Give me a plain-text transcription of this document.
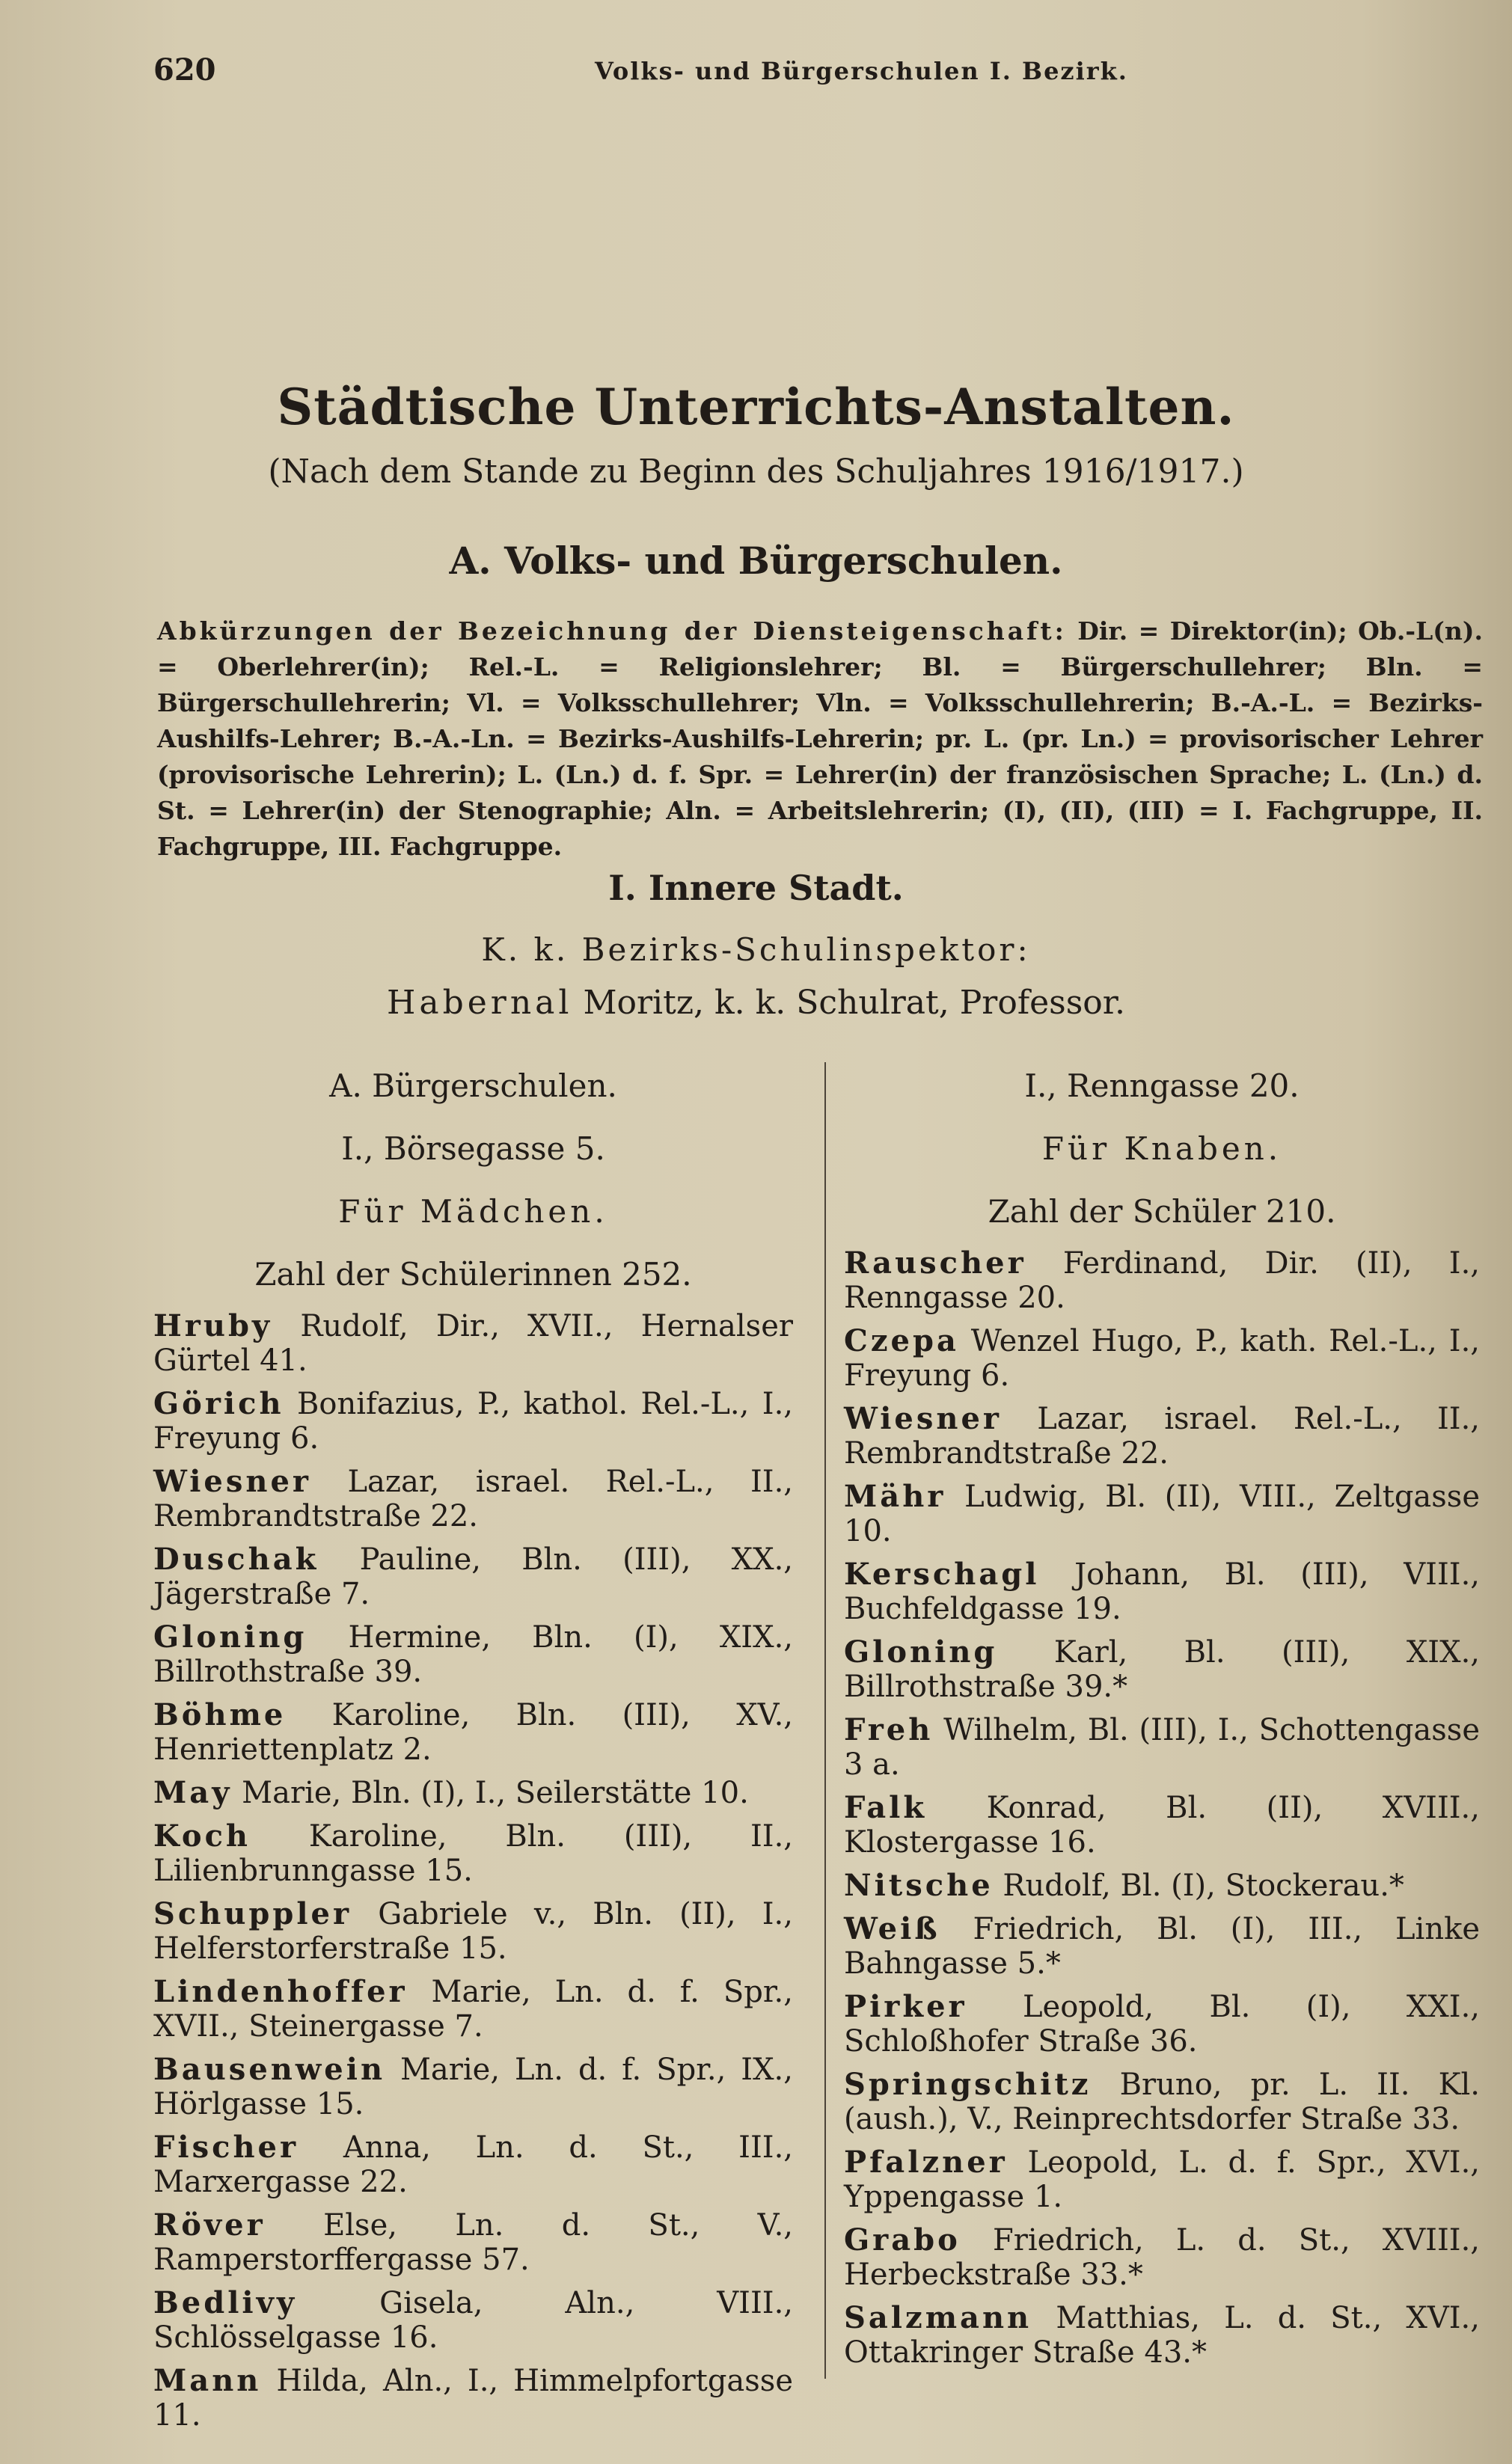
620	Volks- und Bürgerschulen I. Bezirk.
Städtische Unterrichts-Anstalten.
(Nach dem Stande zu Beginn des Schuljahres 1916/1917.)
A. Volks- und Bürgerschulen.
Abkürzungen der Bezeichnung der Diensteigenschaft: Dir. = Direktor(in); Ob.-L(n). = Oberlehrer(in); Rel.-L. = Religionslehrer; Bl. = Bürgerschullehrer; Bln. = Bürgerschullehrerin; Vl. = Volksschullehrer; Vln. = Volksschullehrerin; B.-A.-L. = Bezirks-Aushilfs-Lehrer; B.-A.-Ln. = Bezirks-Aushilfs-Lehrerin; pr. L. (pr. Ln.) = provisorischer Lehrer (provisorische Lehrerin); L. (Ln.) d. f. Spr. = Lehrer(in) der französischen Sprache; L. (Ln.) d. St. = Lehrer(in) der Stenographie; Aln. = Arbeitslehrerin; (I), (II), (III) = I. Fachgruppe, II. Fachgruppe, III. Fachgruppe.
I. Innere Stadt.
K. k. Bezirks-Schulinspektor:
Habernal Moritz, k. k. Schulrat, Professor.
A. Bürgerschulen.
I., Börsegasse 5.
Für Mädchen.
Zahl der Schülerinnen 252.
Hruby Rudolf, Dir., XVII., Hernalser Gürtel 41.
Görich Bonifazius, P., kathol. Rel.-L., I., Freyung 6.
Wiesner Lazar, israel. Rel.-L., II., Rembrandtstraße 22.
Duschak Pauline, Bln. (III), XX., Jägerstraße 7.
Gloning Hermine, Bln. (I), XIX., Billrothstraße 39.
Böhme Karoline, Bln. (III), XV., Henriettenplatz 2.
May Marie, Bln. (I), I., Seilerstätte 10.
Koch Karoline, Bln. (III), II., Lilienbrunngasse 15.
Schuppler Gabriele v., Bln. (II), I., Helferstorferstraße 15.
Lindenhoffer Marie, Ln. d. f. Spr., XVII., Steinergasse 7.
Bausenwein Marie, Ln. d. f. Spr., IX., Hörlgasse 15.
Fischer Anna, Ln. d. St., III., Marxergasse 22.
Röver Else, Ln. d. St., V., Ramperstorffergasse 57.
Bedlivy	Gisela, Aln., VIII., Schlösselgasse 16.
Mann Hilda, Aln., I., Himmelpfortgasse 11.
I., Renngasse 20.
Für Knaben.
Zahl der Schüler 210.
Rauscher Ferdinand, Dir. (II), I., Renngasse 20.
Czepa Wenzel Hugo, P., kath. Rel.-L., I., Freyung 6.
Wiesner Lazar, israel. Rel.-L., II., Rembrandtstraße 22.
Mähr Ludwig, Bl. (II), VIII., Zeltgasse 10.
Kerschagl Johann, Bl. (III), VIII., Buchfeldgasse 19.
Gloning Karl, Bl. (III), XIX., Billrothstraße 39.*
Freh Wilhelm, Bl. (III), I., Schottengasse 3 a.
Falk Konrad, Bl. (II), XVIII., Klostergasse 16.
Nitsche Rudolf, Bl. (I), Stockerau.*
Weiß Friedrich, Bl. (I), III., Linke Bahngasse 5.*
Pirker Leopold, Bl. (I), XXI., Schloßhofer Straße 36.
Springschitz Bruno, pr. L. II. Kl. (aush.), V., Reinprechtsdorfer Straße 33.
Pfalzner Leopold, L. d. f. Spr., XVI., Yppengasse 1.
Grabo Friedrich, L. d. St., XVIII., Herbeckstraße 33.*
Salzmann Matthias, L. d. St., XVI., Ottakringer Straße 43.*
